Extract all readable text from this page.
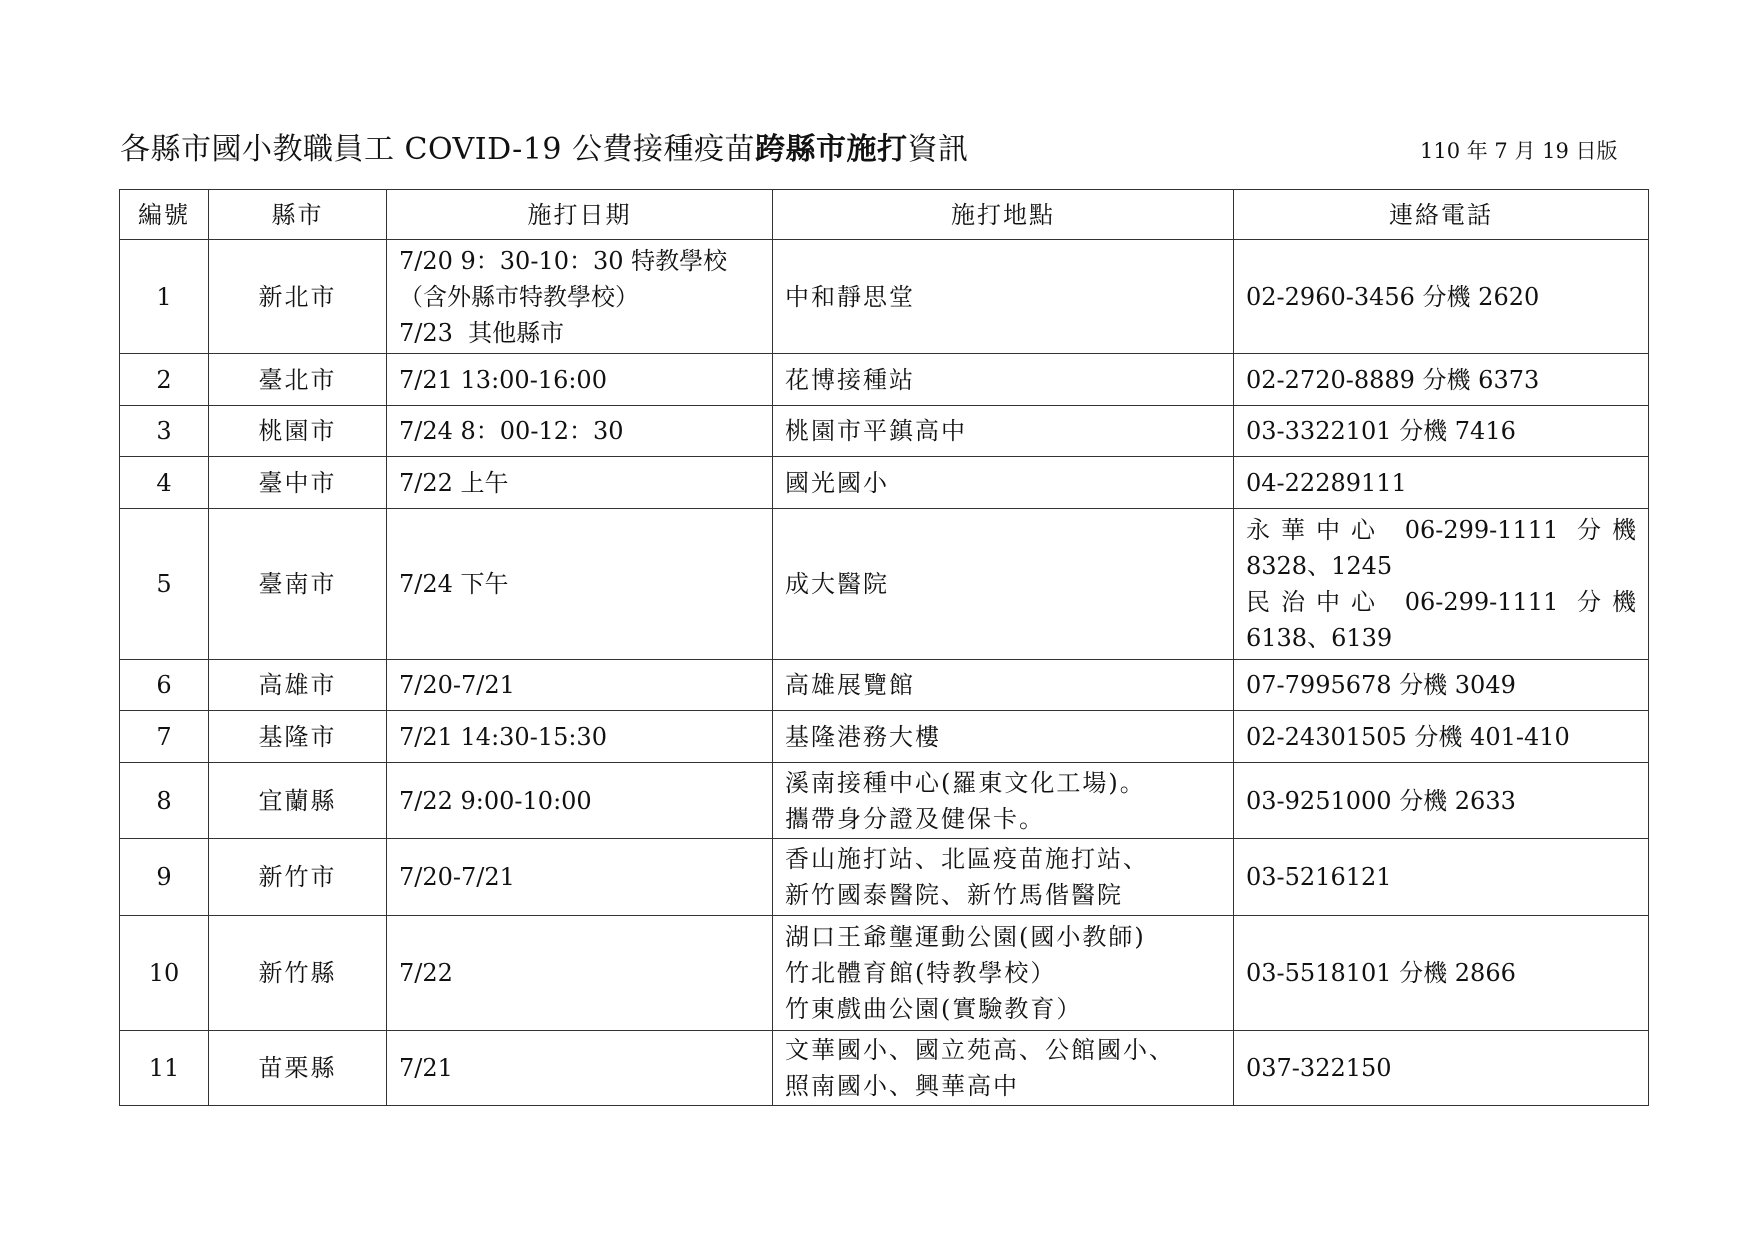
各縣市國小教職員工 COVID-19 公費接種疫苗跨縣市施打資訊	110 年 7 月 19 日版
編號	縣市	施打日期	施打地點	連絡電話

1	新北市	7/20 9：30-10：30 特教學校
（含外縣市特教學校）
7/23  其他縣市	中和靜思堂	02-2960-3456 分機 2620

2	臺北市	7/21 13:00-16:00	花博接種站	02-2720-8889 分機 6373

3	桃園市	7/24 8：00-12：30	桃園市平鎮高中	03-3322101 分機 7416

4	臺中市	7/22 上午	國光國小	04-22289111

5	臺南市	7/24 下午	成大醫院	永華中心 06-299-1111 分機
8328、1245
民治中心 06-299-1111 分機
6138、6139

6	高雄市	7/20-7/21	高雄展覽館	07-7995678 分機 3049

7	基隆市	7/21 14:30-15:30	基隆港務大樓	02-24301505 分機 401-410

8	宜蘭縣	7/22 9:00-10:00	溪南接種中心(羅東文化工場)。
攜帶身分證及健保卡。	03-9251000 分機 2633

9	新竹市	7/20-7/21	香山施打站、北區疫苗施打站、
新竹國泰醫院、新竹馬偕醫院	03-5216121

10	新竹縣	7/22	湖口王爺壟運動公園(國小教師)
竹北體育館(特教學校）
竹東戲曲公園(實驗教育）	03-5518101 分機 2866

11	苗栗縣	7/21	文華國小、國立苑高、公館國小、
照南國小、興華高中	037-322150
